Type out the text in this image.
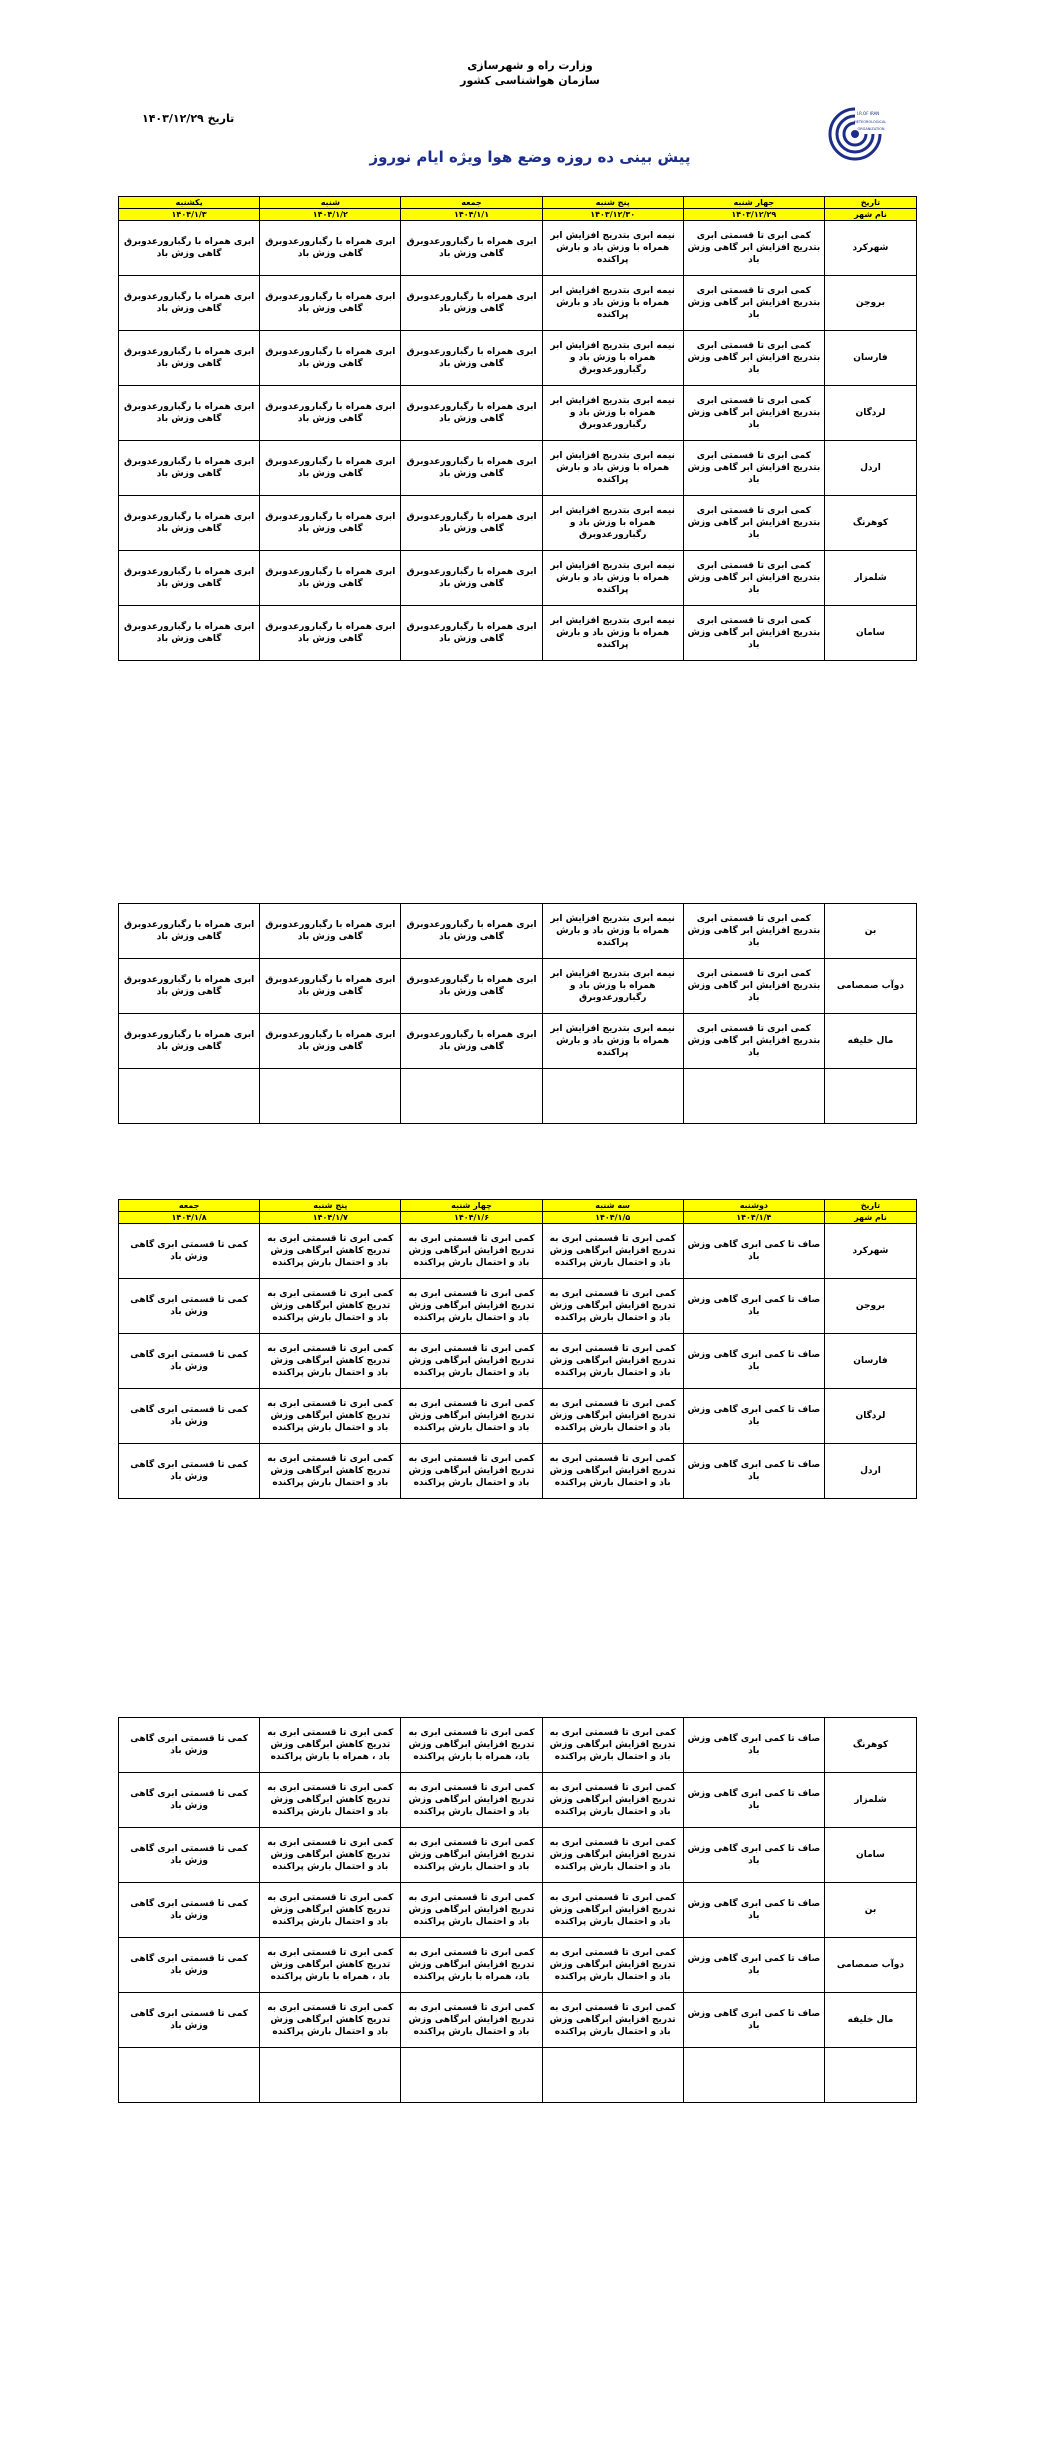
I.R.OF IRAN
METEOROLOGICAL
ORGANIZATION
وزارت راه و شهرسازی
سازمان هواشناسی کشور
تاریخ ۱۴۰۳/۱۲/۲۹
پیش بینی ده روزه وضع هوا ویژه ایام نوروز
تاریخ	جهار شنبه	پنج شنبه	جمعه	شنبه	یکشنبه
نام شهر	۱۴۰۳/۱۲/۲۹	۱۴۰۳/۱۲/۳۰	۱۴۰۴/۱/۱	۱۴۰۴/۱/۲	۱۴۰۴/۱/۳
شهرکرد	کمی ابری تا قسمتی ابری بتدریج افزایش ابر گاهی وزش باد	نیمه ابری بتدریج افزایش ابر همراه با وزش باد و بارش پراکنده	ابری همراه با رگبارورعدوبرق گاهی وزش باد	ابری همراه با رگبارورعدوبرق گاهی وزش باد	ابری همراه با رگبارورعدوبرق گاهی وزش باد
بروجن	کمی ابری تا قسمتی ابری بتدریج افزایش ابر گاهی وزش باد	نیمه ابری بتدریج افزایش ابر همراه با وزش باد و بارش پراکنده	ابری همراه با رگبارورعدوبرق گاهی وزش باد	ابری همراه با رگبارورعدوبرق گاهی وزش باد	ابری همراه با رگبارورعدوبرق گاهی وزش باد
فارسان	کمی ابری تا قسمتی ابری بتدریج افزایش ابر گاهی وزش باد	نیمه ابری بتدریج افزایش ابر همراه با وزش باد و رگبارورعدوبرق	ابری همراه با رگبارورعدوبرق گاهی وزش باد	ابری همراه با رگبارورعدوبرق گاهی وزش باد	ابری همراه با رگبارورعدوبرق گاهی وزش باد
لردگان	کمی ابری تا قسمتی ابری بتدریج افزایش ابر گاهی وزش باد	نیمه ابری بتدریج افزایش ابر همراه با وزش باد و رگبارورعدوبرق	ابری همراه با رگبارورعدوبرق گاهی وزش باد	ابری همراه با رگبارورعدوبرق گاهی وزش باد	ابری همراه با رگبارورعدوبرق گاهی وزش باد
اردل	کمی ابری تا قسمتی ابری بتدریج افزایش ابر گاهی وزش باد	نیمه ابری بتدریج افزایش ابر همراه با وزش باد و بارش پراکنده	ابری همراه با رگبارورعدوبرق گاهی وزش باد	ابری همراه با رگبارورعدوبرق گاهی وزش باد	ابری همراه با رگبارورعدوبرق گاهی وزش باد
کوهرنگ	کمی ابری تا قسمتی ابری بتدریج افزایش ابر گاهی وزش باد	نیمه ابری بتدریج افزایش ابر همراه با وزش باد و رگبارورعدوبرق	ابری همراه با رگبارورعدوبرق گاهی وزش باد	ابری همراه با رگبارورعدوبرق گاهی وزش باد	ابری همراه با رگبارورعدوبرق گاهی وزش باد
شلمزار	کمی ابری تا قسمتی ابری بتدریج افزایش ابر گاهی وزش باد	نیمه ابری بتدریج افزایش ابر همراه با وزش باد و بارش پراکنده	ابری همراه با رگبارورعدوبرق گاهی وزش باد	ابری همراه با رگبارورعدوبرق گاهی وزش باد	ابری همراه با رگبارورعدوبرق گاهی وزش باد
سامان	کمی ابری تا قسمتی ابری بتدریج افزایش ابر گاهی وزش باد	نیمه ابری بتدریج افزایش ابر همراه با وزش باد و بارش پراکنده	ابری همراه با رگبارورعدوبرق گاهی وزش باد	ابری همراه با رگبارورعدوبرق گاهی وزش باد	ابری همراه با رگبارورعدوبرق گاهی وزش باد
بن	کمی ابری تا قسمتی ابری بتدریج افزایش ابر گاهی وزش باد	نیمه ابری بتدریج افزایش ابر همراه با وزش باد و بارش پراکنده	ابری همراه با رگبارورعدوبرق گاهی وزش باد	ابری همراه با رگبارورعدوبرق گاهی وزش باد	ابری همراه با رگبارورعدوبرق گاهی وزش باد
دوآب صمصامی	کمی ابری تا قسمتی ابری بتدریج افزایش ابر گاهی وزش باد	نیمه ابری بتدریج افزایش ابر همراه با وزش باد و رگبارورعدوبرق	ابری همراه با رگبارورعدوبرق گاهی وزش باد	ابری همراه با رگبارورعدوبرق گاهی وزش باد	ابری همراه با رگبارورعدوبرق گاهی وزش باد
مال خلیفه	کمی ابری تا قسمتی ابری بتدریج افزایش ابر گاهی وزش باد	نیمه ابری بتدریج افزایش ابر همراه با وزش باد و بارش پراکنده	ابری همراه با رگبارورعدوبرق گاهی وزش باد	ابری همراه با رگبارورعدوبرق گاهی وزش باد	ابری همراه با رگبارورعدوبرق گاهی وزش باد

تاریخ	دوشنبه	سه شنبه	چهار شنبه	پنج شنبه	جمعه
نام شهر	۱۴۰۴/۱/۴	۱۴۰۴/۱/۵	۱۴۰۴/۱/۶	۱۴۰۴/۱/۷	۱۴۰۴/۱/۸
شهرکرد	صاف تا کمی ابری گاهی وزش باد	کمی ابری تا قسمتی ابری به تدریج افزایش ابرگاهی وزش باد و احتمال بارش پراکنده	کمی ابری تا قسمتی ابری به تدریج افزایش ابرگاهی وزش باد و احتمال بارش پراکنده	کمی ابری تا قسمتی ابری به تدریج کاهش ابرگاهی وزش باد و احتمال بارش پراکنده	کمی تا قسمتی ابری گاهی وزش باد
بروجن	صاف تا کمی ابری گاهی وزش باد	کمی ابری تا قسمتی ابری به تدریج افزایش ابرگاهی وزش باد و احتمال بارش پراکنده	کمی ابری تا قسمتی ابری به تدریج افزایش ابرگاهی وزش باد و احتمال بارش پراکنده	کمی ابری تا قسمتی ابری به تدریج کاهش ابرگاهی وزش باد و احتمال بارش پراکنده	کمی تا قسمتی ابری گاهی وزش باد
فارسان	صاف تا کمی ابری گاهی وزش باد	کمی ابری تا قسمتی ابری به تدریج افزایش ابرگاهی وزش باد و احتمال بارش پراکنده	کمی ابری تا قسمتی ابری به تدریج افزایش ابرگاهی وزش باد و احتمال بارش پراکنده	کمی ابری تا قسمتی ابری به تدریج کاهش ابرگاهی وزش باد و احتمال بارش پراکنده	کمی تا قسمتی ابری گاهی وزش باد
لردگان	صاف تا کمی ابری گاهی وزش باد	کمی ابری تا قسمتی ابری به تدریج افزایش ابرگاهی وزش باد و احتمال بارش پراکنده	کمی ابری تا قسمتی ابری به تدریج افزایش ابرگاهی وزش باد و احتمال بارش پراکنده	کمی ابری تا قسمتی ابری به تدریج کاهش ابرگاهی وزش باد و احتمال بارش پراکنده	کمی تا قسمتی ابری گاهی وزش باد
اردل	صاف تا کمی ابری گاهی وزش باد	کمی ابری تا قسمتی ابری به تدریج افزایش ابرگاهی وزش باد و احتمال بارش پراکنده	کمی ابری تا قسمتی ابری به تدریج افزایش ابرگاهی وزش باد و احتمال بارش پراکنده	کمی ابری تا قسمتی ابری به تدریج کاهش ابرگاهی وزش باد و احتمال بارش پراکنده	کمی تا قسمتی ابری گاهی وزش باد
کوهرنگ	صاف تا کمی ابری گاهی وزش باد	کمی ابری تا قسمتی ابری به تدریج افزایش ابرگاهی وزش باد و احتمال بارش پراکنده	کمی ابری تا قسمتی ابری به تدریج افزایش ابرگاهی وزش باد، همراه با بارش پراکنده	کمی ابری تا قسمتی ابری به تدریج کاهش ابرگاهی وزش باد ، همراه با بارش پراکنده	کمی تا قسمتی ابری گاهی وزش باد
شلمزار	صاف تا کمی ابری گاهی وزش باد	کمی ابری تا قسمتی ابری به تدریج افزایش ابرگاهی وزش باد و احتمال بارش پراکنده	کمی ابری تا قسمتی ابری به تدریج افزایش ابرگاهی وزش باد و احتمال بارش پراکنده	کمی ابری تا قسمتی ابری به تدریج کاهش ابرگاهی وزش باد و احتمال بارش پراکنده	کمی تا قسمتی ابری گاهی وزش باد
سامان	صاف تا کمی ابری گاهی وزش باد	کمی ابری تا قسمتی ابری به تدریج افزایش ابرگاهی وزش باد و احتمال بارش پراکنده	کمی ابری تا قسمتی ابری به تدریج افزایش ابرگاهی وزش باد و احتمال بارش پراکنده	کمی ابری تا قسمتی ابری به تدریج کاهش ابرگاهی وزش باد و احتمال بارش پراکنده	کمی تا قسمتی ابری گاهی وزش باد
بن	صاف تا کمی ابری گاهی وزش باد	کمی ابری تا قسمتی ابری به تدریج افزایش ابرگاهی وزش باد و احتمال بارش پراکنده	کمی ابری تا قسمتی ابری به تدریج افزایش ابرگاهی وزش باد و احتمال بارش پراکنده	کمی ابری تا قسمتی ابری به تدریج کاهش ابرگاهی وزش باد و احتمال بارش پراکنده	کمی تا قسمتی ابری گاهی وزش باد
دوآب صمصامی	صاف تا کمی ابری گاهی وزش باد	کمی ابری تا قسمتی ابری به تدریج افزایش ابرگاهی وزش باد و احتمال بارش پراکنده	کمی ابری تا قسمتی ابری به تدریج افزایش ابرگاهی وزش باد، همراه با بارش پراکنده	کمی ابری تا قسمتی ابری به تدریج کاهش ابرگاهی وزش باد ، همراه با بارش پراکنده	کمی تا قسمتی ابری گاهی وزش باد
مال خلیفه	صاف تا کمی ابری گاهی وزش باد	کمی ابری تا قسمتی ابری به تدریج افزایش ابرگاهی وزش باد و احتمال بارش پراکنده	کمی ابری تا قسمتی ابری به تدریج افزایش ابرگاهی وزش باد و احتمال بارش پراکنده	کمی ابری تا قسمتی ابری به تدریج کاهش ابرگاهی وزش باد و احتمال بارش پراکنده	کمی تا قسمتی ابری گاهی وزش باد
